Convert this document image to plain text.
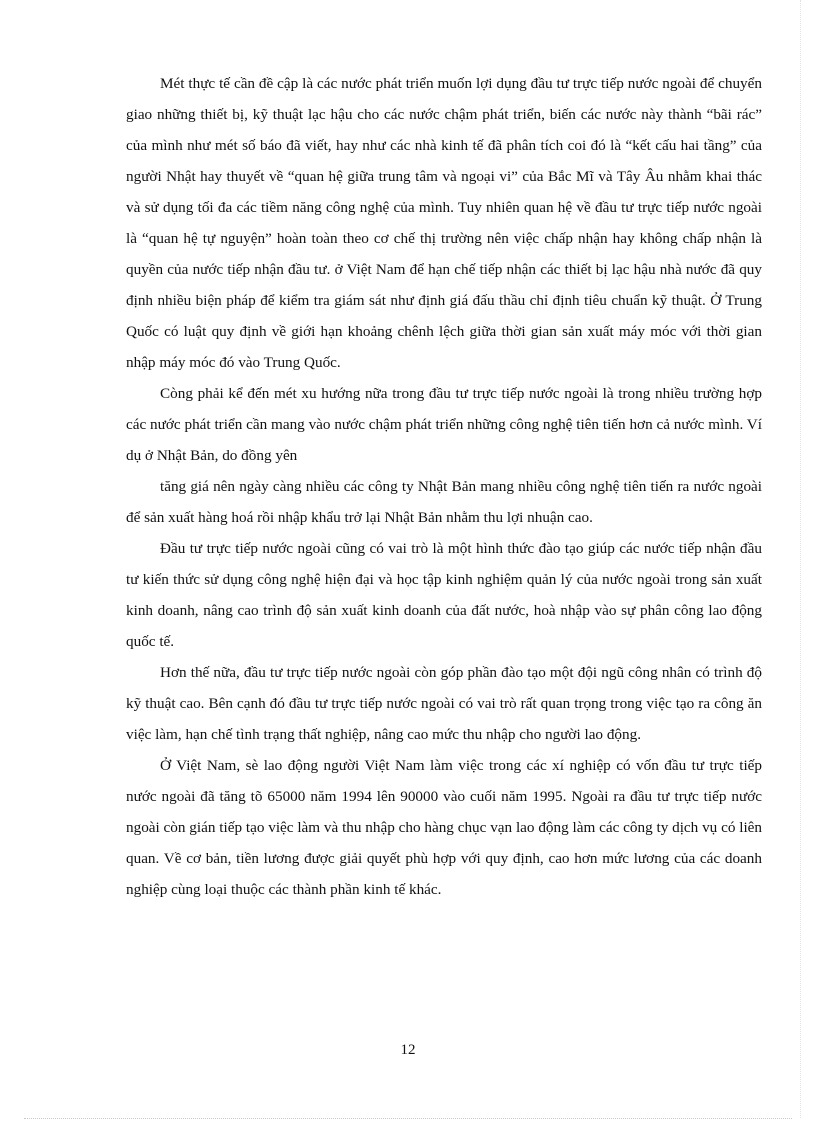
Mét thực tế cần đề cập là các nước phát triển muốn lợi dụng đầu tư trực tiếp nước ngoài để chuyển giao những thiết bị, kỹ thuật lạc hậu cho các nước chậm phát triển, biến các nước này thành “bãi rác” của mình như mét số báo đã viết, hay như các nhà kinh tế đã phân tích coi đó là “kết cấu hai tầng” của người Nhật hay thuyết về “quan hệ giữa trung tâm và ngoại vi” của Bắc Mĩ và Tây Âu nhằm khai thác và sử dụng tối đa các tiềm năng công nghệ của mình. Tuy nhiên quan hệ về đầu tư trực tiếp nước ngoài là “quan hệ tự nguyện” hoàn toàn theo cơ chế thị trường nên việc chấp nhận hay không chấp nhận là quyền của nước tiếp nhận đầu tư. ở Việt Nam để hạn chế tiếp nhận các thiết bị lạc hậu nhà nước đã quy định nhiều biện pháp để kiểm tra giám sát như định giá đấu thầu chỉ định tiêu chuẩn kỹ thuật. Ở Trung Quốc có luật quy định về giới hạn khoảng chênh lệch giữa thời gian sản xuất máy móc với thời gian nhập máy móc đó vào Trung Quốc.

Còng phải kể đến mét xu hướng nữa trong đầu tư trực tiếp nước ngoài là trong nhiều trường hợp các nước phát triển cần mang vào nước chậm phát triển những công nghệ tiên tiến hơn cả nước mình. Ví dụ ở Nhật Bản, do đồng yên

tăng giá nên ngày càng nhiều các công ty Nhật Bản mang nhiều công nghệ tiên tiến ra nước ngoài để sản xuất hàng hoá rồi nhập khẩu trở lại Nhật Bản nhằm thu lợi nhuận cao.

Đầu tư trực tiếp nước ngoài cũng có vai trò là một hình thức đào tạo giúp các nước tiếp nhận đầu tư kiến thức sử dụng công nghệ hiện đại và học tập kinh nghiệm quản lý của nước ngoài trong sản xuất kinh doanh, nâng cao trình độ sản xuất kinh doanh của đất nước, hoà nhập vào sự phân công lao động quốc tế.

Hơn thế nữa, đầu tư trực tiếp nước ngoài còn góp phần đào tạo một đội ngũ công nhân có trình độ kỹ thuật cao. Bên cạnh đó đầu tư trực tiếp nước ngoài có vai trò rất quan trọng trong việc tạo ra công ăn việc làm, hạn chế tình trạng thất nghiệp, nâng cao mức thu nhập cho người lao động.

Ở Việt Nam, sè lao động người Việt Nam làm việc trong các xí nghiệp có vốn đầu tư trực tiếp nước ngoài đã tăng tõ 65000 năm 1994 lên 90000 vào cuối năm 1995. Ngoài ra đầu tư trực tiếp nước ngoài còn gián tiếp tạo việc làm và thu nhập cho hàng chục vạn lao động làm các công ty dịch vụ có liên quan. Về cơ bản, tiền lương được giải quyết phù hợp với quy định, cao hơn mức lương của các doanh nghiệp cùng loại thuộc các thành phần kinh tế khác.

12
